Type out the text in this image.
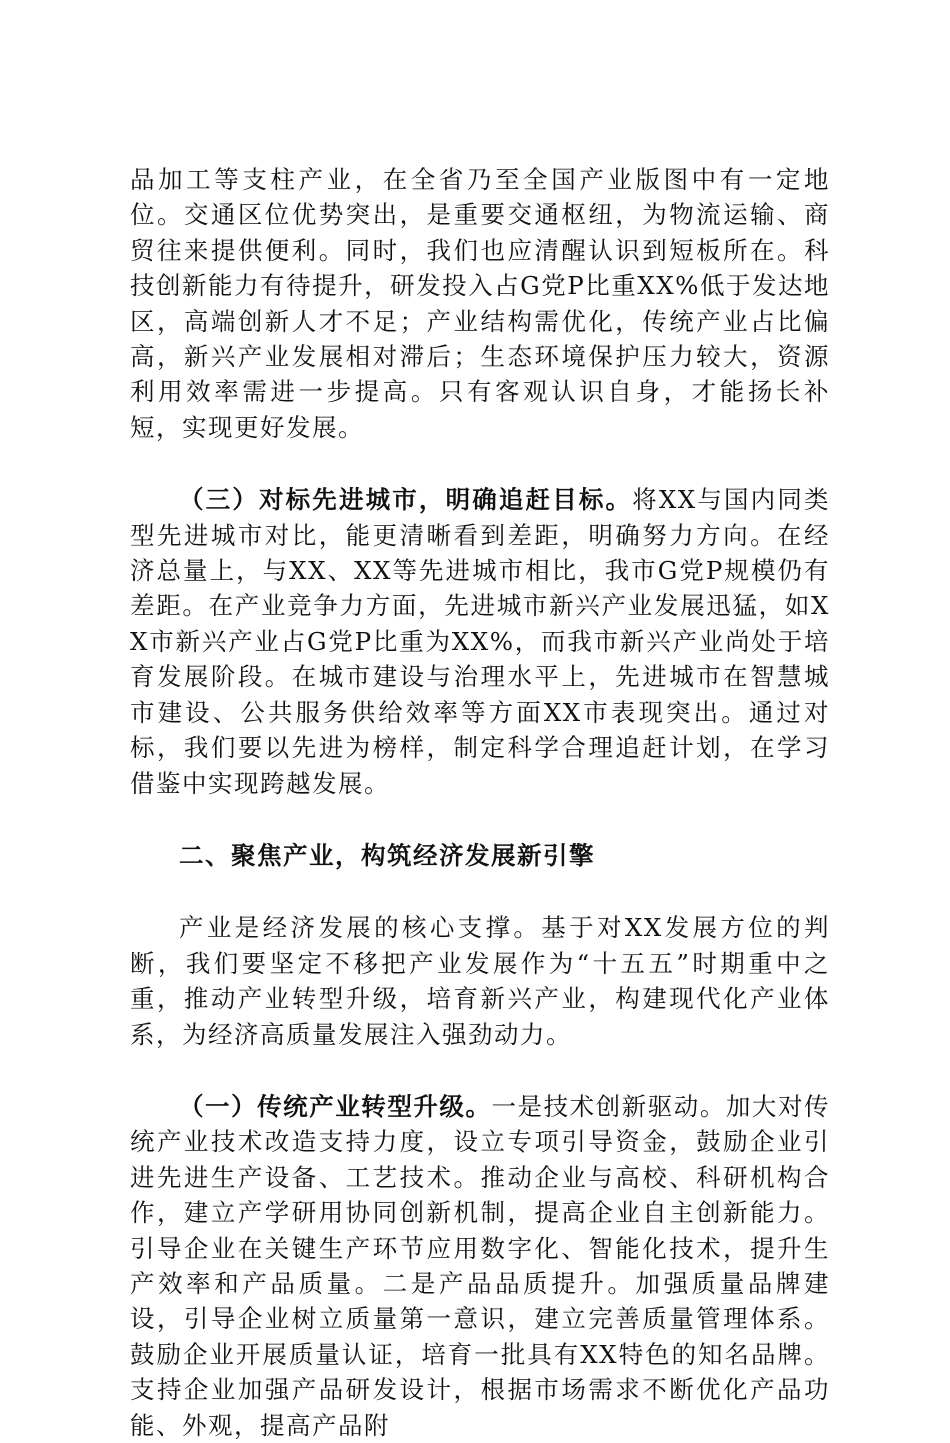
品加工等支柱产业，在全省乃至全国产业版图中有一定地位。交通区位优势突出，是重要交通枢纽，为物流运输、商贸往来提供便利。同时，我们也应清醒认识到短板所在。科技创新能力有待提升，研发投入占G党P比重XX%低于发达地区，高端创新人才不足；产业结构需优化，传统产业占比偏高，新兴产业发展相对滞后；生态环境保护压力较大，资源利用效率需进一步提高。只有客观认识自身，才能扬长补短，实现更好发展。

（三）对标先进城市，明确追赶目标。将XX与国内同类型先进城市对比，能更清晰看到差距，明确努力方向。在经济总量上，与XX、XX等先进城市相比，我市G党P规模仍有差距。在产业竞争力方面，先进城市新兴产业发展迅猛，如XX市新兴产业占G党P比重为XX%，而我市新兴产业尚处于培育发展阶段。在城市建设与治理水平上，先进城市在智慧城市建设、公共服务供给效率等方面XX市表现突出。通过对标，我们要以先进为榜样，制定科学合理追赶计划，在学习借鉴中实现跨越发展。

二、聚焦产业，构筑经济发展新引擎

产业是经济发展的核心支撑。基于对XX发展方位的判断，我们要坚定不移把产业发展作为“十五五”时期重中之重，推动产业转型升级，培育新兴产业，构建现代化产业体系，为经济高质量发展注入强劲动力。

（一）传统产业转型升级。一是技术创新驱动。加大对传统产业技术改造支持力度，设立专项引导资金，鼓励企业引进先进生产设备、工艺技术。推动企业与高校、科研机构合作，建立产学研用协同创新机制，提高企业自主创新能力。引导企业在关键生产环节应用数字化、智能化技术，提升生产效率和产品质量。二是产品品质提升。加强质量品牌建设，引导企业树立质量第一意识，建立完善质量管理体系。鼓励企业开展质量认证，培育一批具有XX特色的知名品牌。支持企业加强产品研发设计，根据市场需求不断优化产品功能、外观，提高产品附
